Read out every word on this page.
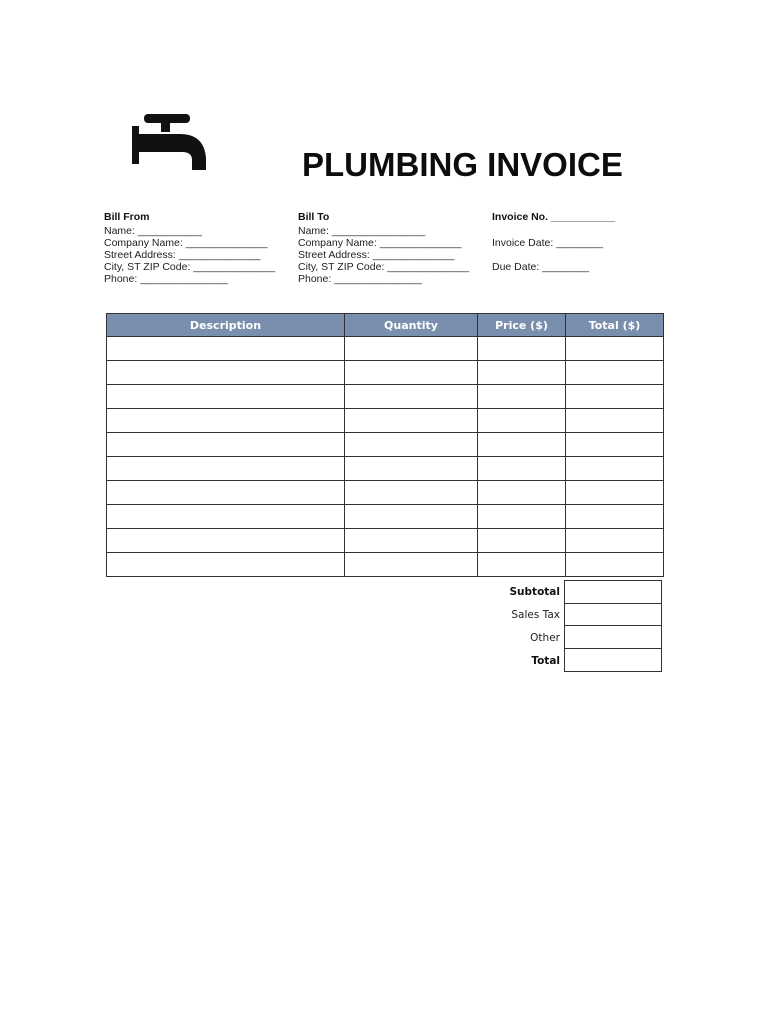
PLUMBING INVOICE
Bill From
Name: ___________
Company Name: ______________
Street Address: ______________
City, ST ZIP Code: ______________
Phone: _______________
Bill To
Name: ________________
Company Name: ______________
Street Address: ______________
City, ST ZIP Code: ______________
Phone: _______________
Invoice No. ___________
Invoice Date: ________
Due Date: ________
Description	Quantity	Price ($)	Total ($)

Subtotal
Sales Tax
Other
Total
